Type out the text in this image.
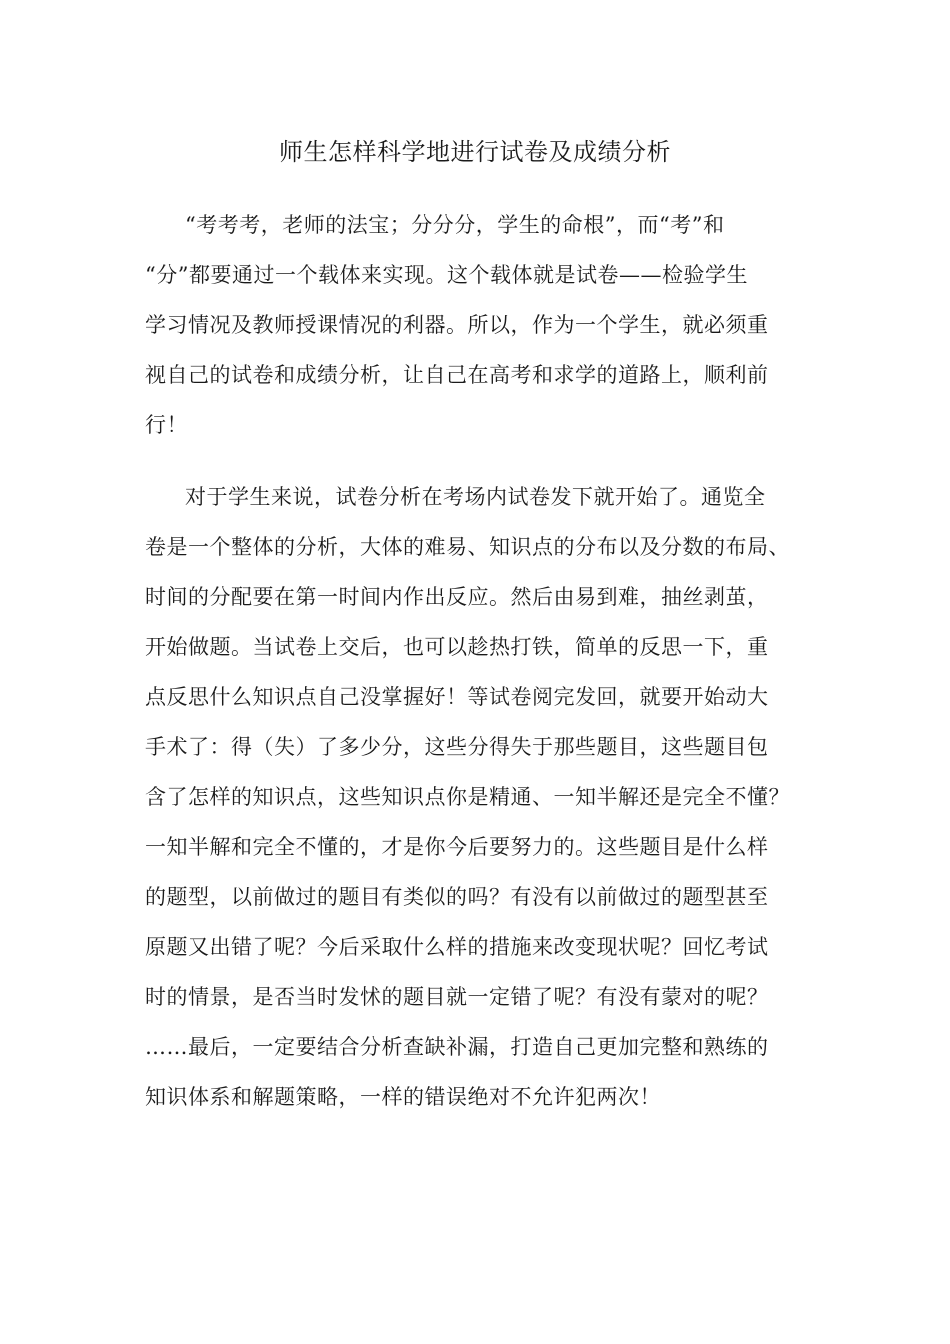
师生怎样科学地进行试卷及成绩分析
“考考考，老师的法宝；分分分，学生的命根”，而“考”和
“分”都要通过一个载体来实现。这个载体就是试卷——检验学生
学习情况及教师授课情况的利器。所以，作为一个学生，就必须重
视自己的试卷和成绩分析，让自己在高考和求学的道路上，顺利前
行！
对于学生来说，试卷分析在考场内试卷发下就开始了。通览全
卷是一个整体的分析，大体的难易、知识点的分布以及分数的布局、
时间的分配要在第一时间内作出反应。然后由易到难，抽丝剥茧，
开始做题。当试卷上交后，也可以趁热打铁，简单的反思一下，重
点反思什么知识点自己没掌握好！等试卷阅完发回，就要开始动大
手术了：得（失）了多少分，这些分得失于那些题目，这些题目包
含了怎样的知识点，这些知识点你是精通、一知半解还是完全不懂？
一知半解和完全不懂的，才是你今后要努力的。这些题目是什么样
的题型，以前做过的题目有类似的吗？有没有以前做过的题型甚至
原题又出错了呢？今后采取什么样的措施来改变现状呢？回忆考试
时的情景，是否当时发怵的题目就一定错了呢？有没有蒙对的呢？
……最后，一定要结合分析查缺补漏，打造自己更加完整和熟练的
知识体系和解题策略，一样的错误绝对不允许犯两次！
